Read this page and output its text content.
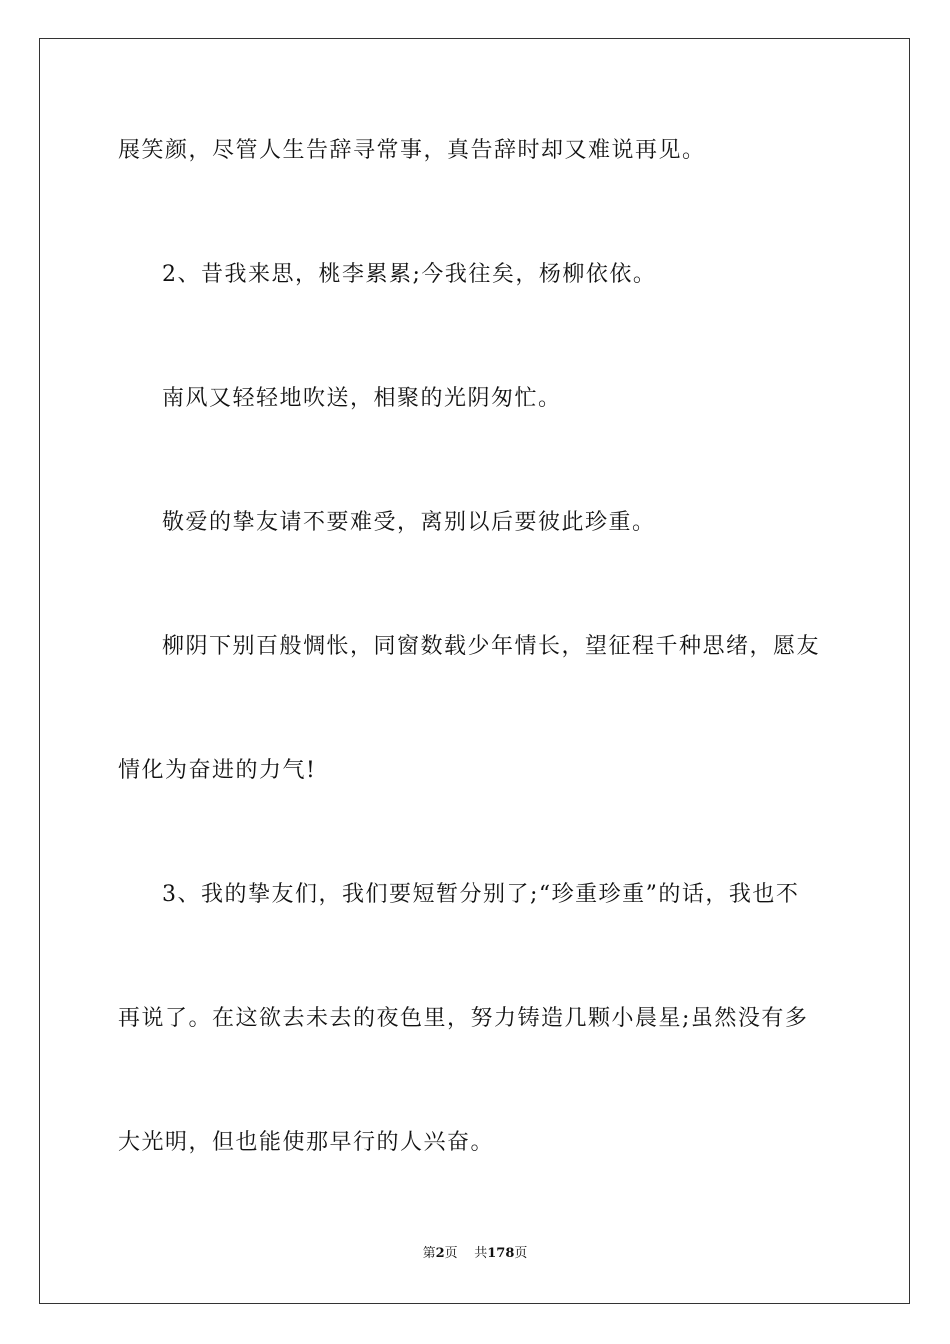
展笑颜，尽管人生告辞寻常事，真告辞时却又难说再见。
2、昔我来思，桃李累累;今我往矣，杨柳依依。
南风又轻轻地吹送，相聚的光阴匆忙。
敬爱的挚友请不要难受，离别以后要彼此珍重。
柳阴下别百般惆怅，同窗数载少年情长，望征程千种思绪，愿友
情化为奋进的力气!
3、我的挚友们，我们要短暂分别了;“珍重珍重”的话，我也不
再说了。在这欲去未去的夜色里，努力铸造几颗小晨星;虽然没有多
大光明，但也能使那早行的人兴奋。
第2页 共178页
